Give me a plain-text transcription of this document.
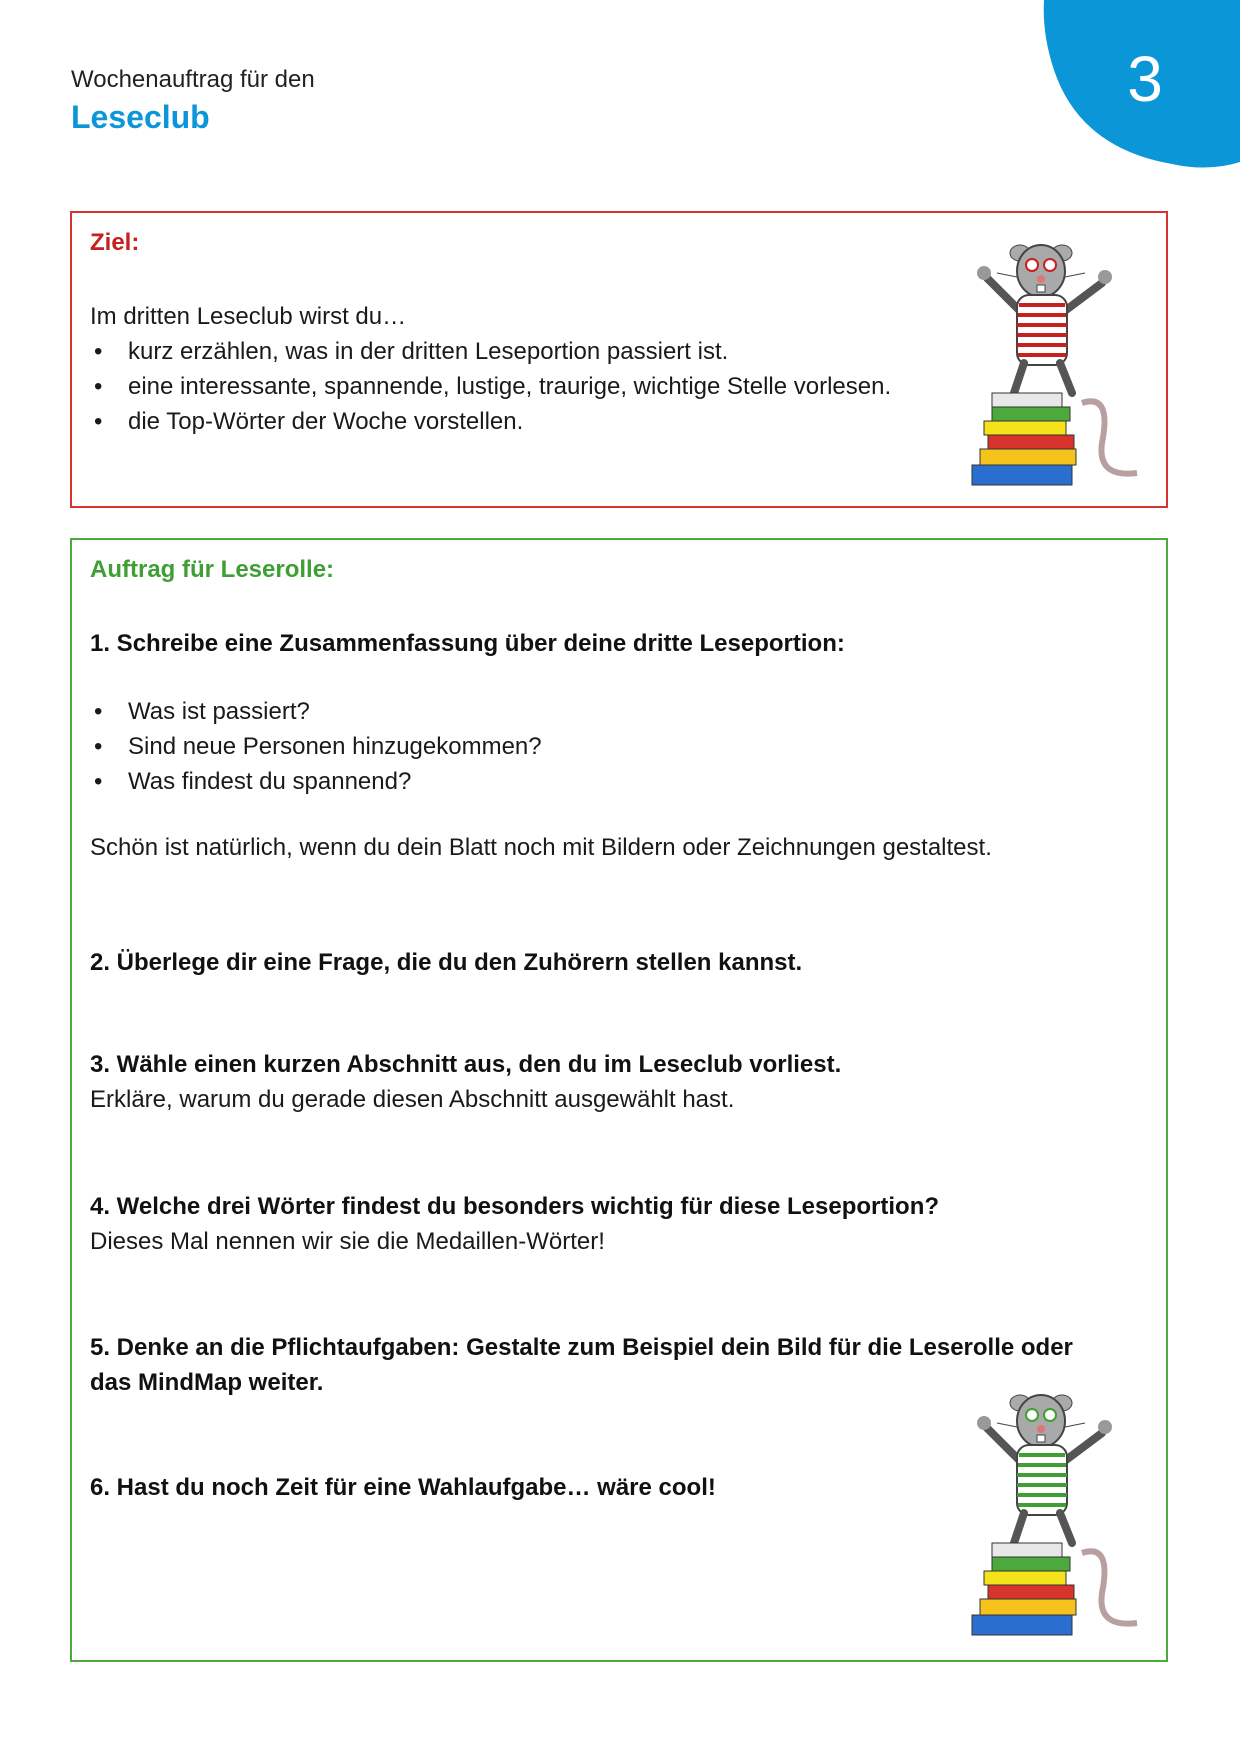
Wochenauftrag für den
Leseclub
3
Ziel:
Im dritten Leseclub wirst du…
• kurz erzählen, was in der dritten Leseportion passiert ist.
• eine interessante, spannende, lustige, traurige, wichtige Stelle vorlesen.
• die Top-Wörter der Woche vorstellen.
Auftrag für Leserolle:
1. Schreibe eine Zusammenfassung über deine dritte Leseportion:
• Was ist passiert?
• Sind neue Personen hinzugekommen?
• Was findest du spannend?
Schön ist natürlich, wenn du dein Blatt noch mit Bildern oder Zeichnungen gestaltest.
2. Überlege dir eine Frage, die du den Zuhörern stellen kannst.
3. Wähle einen kurzen Abschnitt aus, den du im Leseclub vorliest.
Erkläre, warum du gerade diesen Abschnitt ausgewählt hast.
4. Welche drei Wörter findest du besonders wichtig für diese Leseportion?
Dieses Mal nennen wir sie die Medaillen-Wörter!
5. Denke an die Pflichtaufgaben: Gestalte zum Beispiel dein Bild für die Leserolle oder
das MindMap weiter.
6. Hast du noch Zeit für eine Wahlaufgabe… wäre cool!
